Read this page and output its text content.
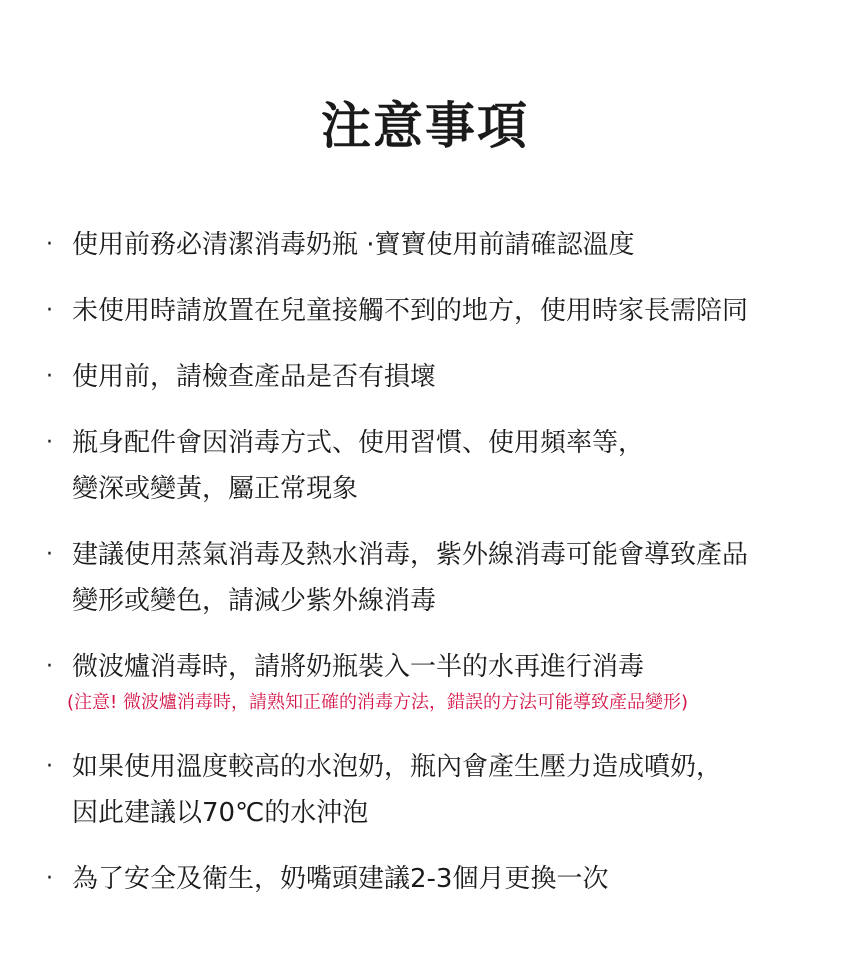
注意事項
· 使用前務必清潔消毒奶瓶 ·寶寶使用前請確認溫度
· 未使用時請放置在兒童接觸不到的地方，使用時家長需陪同
· 使用前，請檢查產品是否有損壞
· 瓶身配件會因消毒方式、使用習慣、使用頻率等，
變深或變黃，屬正常現象
· 建議使用蒸氣消毒及熱水消毒，紫外線消毒可能會導致產品
變形或變色，請減少紫外線消毒
· 微波爐消毒時，請將奶瓶裝入一半的水再進行消毒
(注意! 微波爐消毒時，請熟知正確的消毒方法，錯誤的方法可能導致產品變形)
· 如果使用溫度較高的水泡奶，瓶內會產生壓力造成噴奶，
因此建議以70℃的水沖泡
· 為了安全及衛生，奶嘴頭建議2-3個月更換一次
